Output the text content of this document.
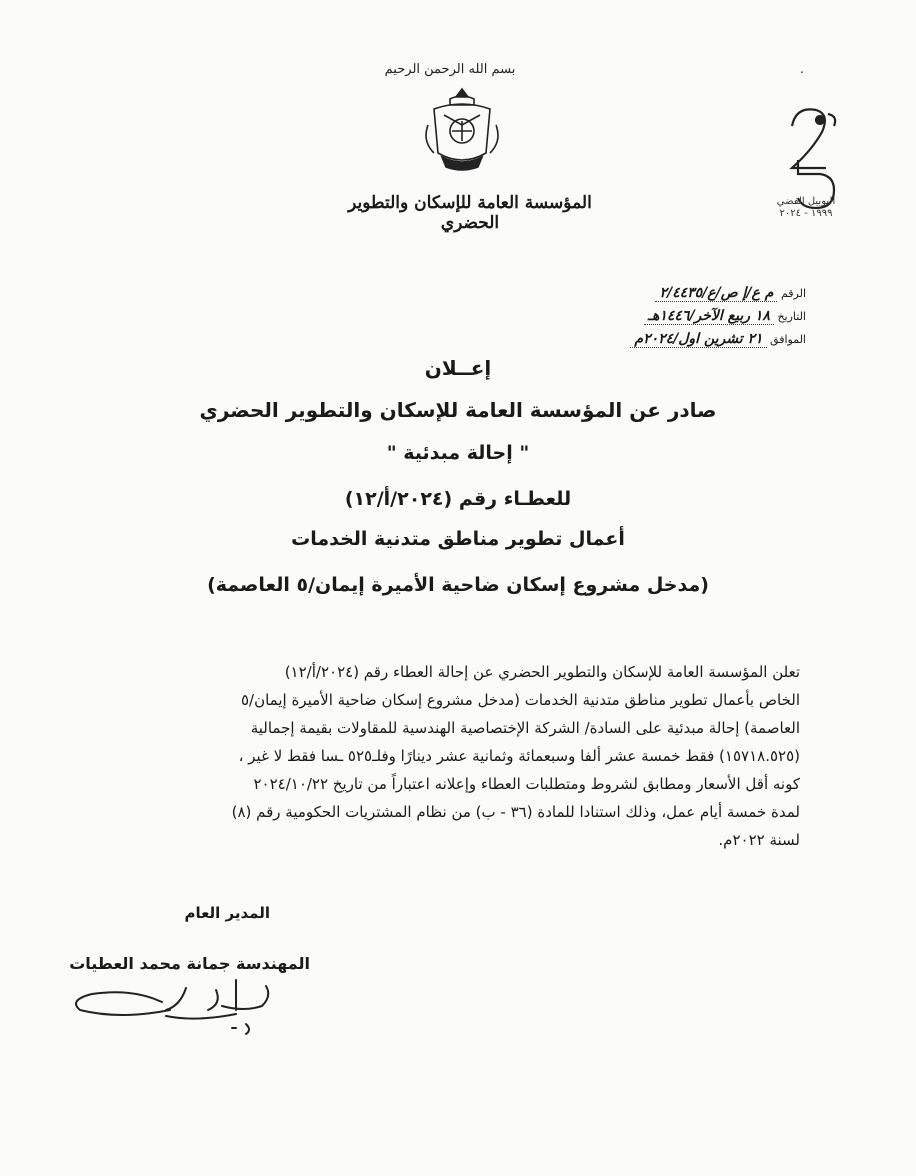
.
بسم الله الرحمن الرحيم
المؤسسة العامة للإسكان والتطوير الحضري
اليوبيل الفضي
١٩٩٩ - ٢٠٢٤
الرقم م ع/إ ص/ع/٢/٤٤٣٥
التاريخ ١٨ ربيع الآخر/١٤٤٦هـ
الموافق ٢١ تشرين اول/٢٠٢٤م
إعــلان
صادر عن المؤسسة العامة للإسكان والتطوير الحضري
" إحالة مبدئية "
للعطـاء رقم (٢٠٢٤/أ/١٢)
أعمال تطوير مناطق متدنية الخدمات
(مدخل مشروع إسكان ضاحية الأميرة إيمان/٥ العاصمة)
تعلن المؤسسة العامة للإسكان والتطوير الحضري عن إحالة العطاء رقم (٢٠٢٤/أ/١٢)
الخاص بأعمال تطوير مناطق متدنية الخدمات (مدخل مشروع إسكان ضاحية الأميرة إيمان/٥
العاصمة) إحالة مبدئية على السادة/ الشركة الإختصاصية الهندسية للمقاولات بقيمة إجمالية
(١٥٧١٨.٥٢٥) فقط خمسة عشر ألفا وسبعمائة وثمانية عشر دينارًا وفلـ٥٢٥ ـسا فقط لا غير ،
كونه أقل الأسعار ومطابق لشروط ومتطلبات العطاء وإعلانه اعتباراً من تاريخ ٢٠٢٤/١٠/٢٢
لمدة خمسة أيام عمل، وذلك استنادا للمادة (٣٦ - ب) من نظام المشتريات الحكومية رقم (٨)
لسنة ٢٠٢٢م.
المدير العام
المهندسة جمانة محمد العطيات
